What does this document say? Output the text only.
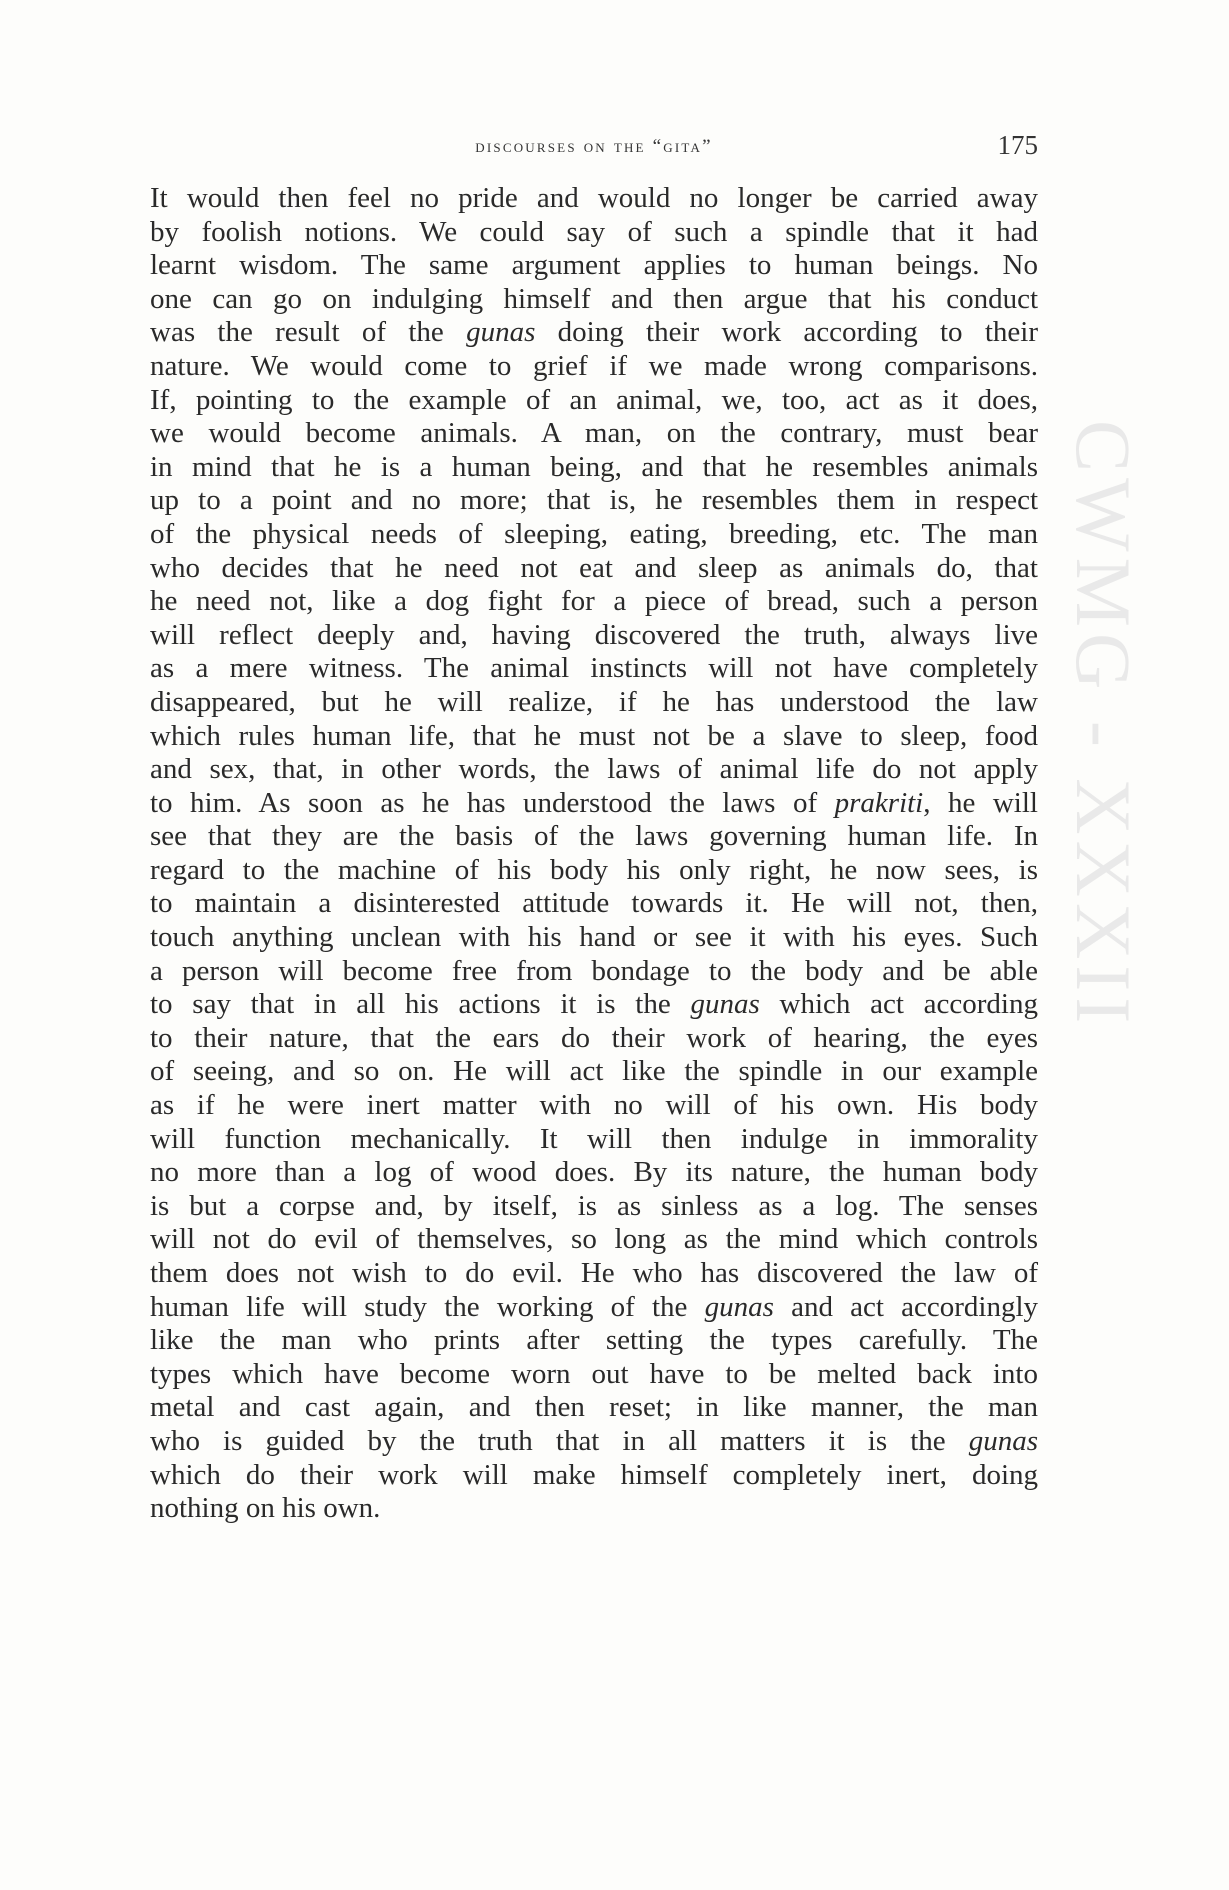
CWMG - XXXII
discourses on the “gita”	175
It would then feel no pride and would no longer be carried away
by foolish notions. We could say of such a spindle that it had
learnt wisdom. The same argument applies to human beings. No
one can go on indulging himself and then argue that his conduct
was the result of the gunas doing their work according to their
nature. We would come to grief if we made wrong comparisons.
If, pointing to the example of an animal, we, too, act as it does,
we would become animals. A man, on the contrary, must bear
in mind that he is a human being, and that he resembles animals
up to a point and no more; that is, he resembles them in respect
of the physical needs of sleeping, eating, breeding, etc. The man
who decides that he need not eat and sleep as animals do, that
he need not, like a dog fight for a piece of bread, such a person
will reflect deeply and, having discovered the truth, always live
as a mere witness. The animal instincts will not have completely
disappeared, but he will realize, if he has understood the law
which rules human life, that he must not be a slave to sleep, food
and sex, that, in other words, the laws of animal life do not apply
to him. As soon as he has understood the laws of prakriti, he will
see that they are the basis of the laws governing human life. In
regard to the machine of his body his only right, he now sees, is
to maintain a disinterested attitude towards it. He will not, then,
touch anything unclean with his hand or see it with his eyes. Such
a person will become free from bondage to the body and be able
to say that in all his actions it is the gunas which act according
to their nature, that the ears do their work of hearing, the eyes
of seeing, and so on. He will act like the spindle in our example
as if he were inert matter with no will of his own. His body
will function mechanically. It will then indulge in immorality
no more than a log of wood does. By its nature, the human body
is but a corpse and, by itself, is as sinless as a log. The senses
will not do evil of themselves, so long as the mind which controls
them does not wish to do evil. He who has discovered the law of
human life will study the working of the gunas and act accordingly
like the man who prints after setting the types carefully. The
types which have become worn out have to be melted back into
metal and cast again, and then reset; in like manner, the man
who is guided by the truth that in all matters it is the gunas
which do their work will make himself completely inert, doing
nothing on his own.
